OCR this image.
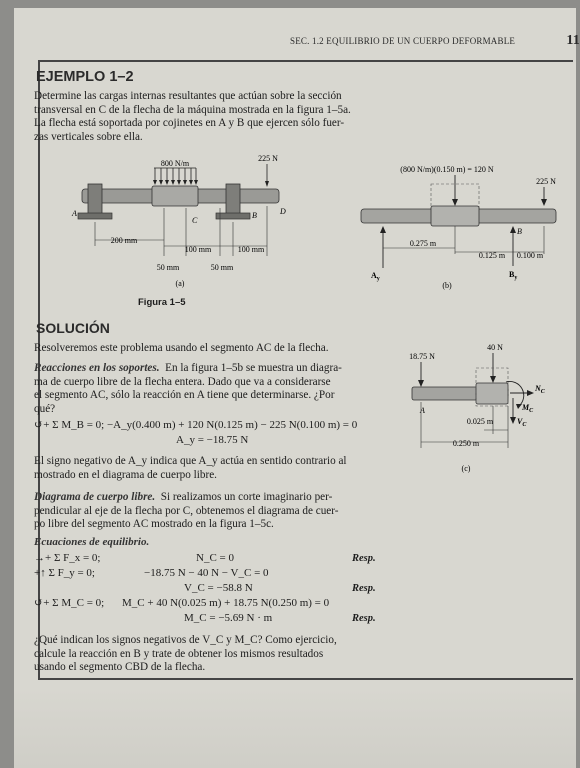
SEC. 1.2 EQUILIBRIO DE UN CUERPO DEFORMABLE	11
EJEMPLO 1–2
Determine las cargas internas resultantes que actúan sobre la sección
transversal en C de la flecha de la máquina mostrada en la figura 1–5a.
La flecha está soportada por cojinetes en A y B que ejercen sólo fuer-
zas verticales sobre ella.
800 N/m
225 N
A	B
C
D
200 mm
100 mm	100 mm
50 mm	50 mm
(a)
Figura 1–5
(800 N/m)(0.150 m) = 120 N
225 N
$A_y$
B
$B_y$
0.275 m
0.125 m 0.100 m
(b)
SOLUCIÓN
Resolveremos este problema usando el segmento AC de la flecha.
Reacciones en los soportes.  En la figura 1–5b se muestra un diagra-
ma de cuerpo libre de la flecha entera. Dado que va a considerarse
el segmento AC, sólo la reacción en A tiene que determinarse. ¿Por
qué?
↺+ Σ M_B = 0; −A_y(0.400 m) + 120 N(0.125 m) − 225 N(0.100 m) = 0
A_y = −18.75 N
El signo negativo de A_y indica que A_y actúa en sentido contrario al
mostrado en el diagrama de cuerpo libre.
Diagrama de cuerpo libre.  Si realizamos un corte imaginario per-
pendicular al eje de la flecha por C, obtenemos el diagrama de cuer-
po libre del segmento AC mostrado en la figura 1–5c.
Ecuaciones de equilibrio.
→+ Σ F_x = 0;	N_C = 0	Resp.
+↑ Σ F_y = 0;	−18.75 N − 40 N − V_C = 0
V_C = −58.8 N	Resp.
↺+ Σ M_C = 0; M_C + 40 N(0.025 m) + 18.75 N(0.250 m) = 0
M_C = −5.69 N · m	Resp.
¿Qué indican los signos negativos de V_C y M_C? Como ejercicio,
calcule la reacción en B y trate de obtener los mismos resultados
usando el segmento CBD de la flecha.
18.75 N
40 N
A
$N_C$
$V_C$
$M_C$
0.025 m
0.250 m
(c)
